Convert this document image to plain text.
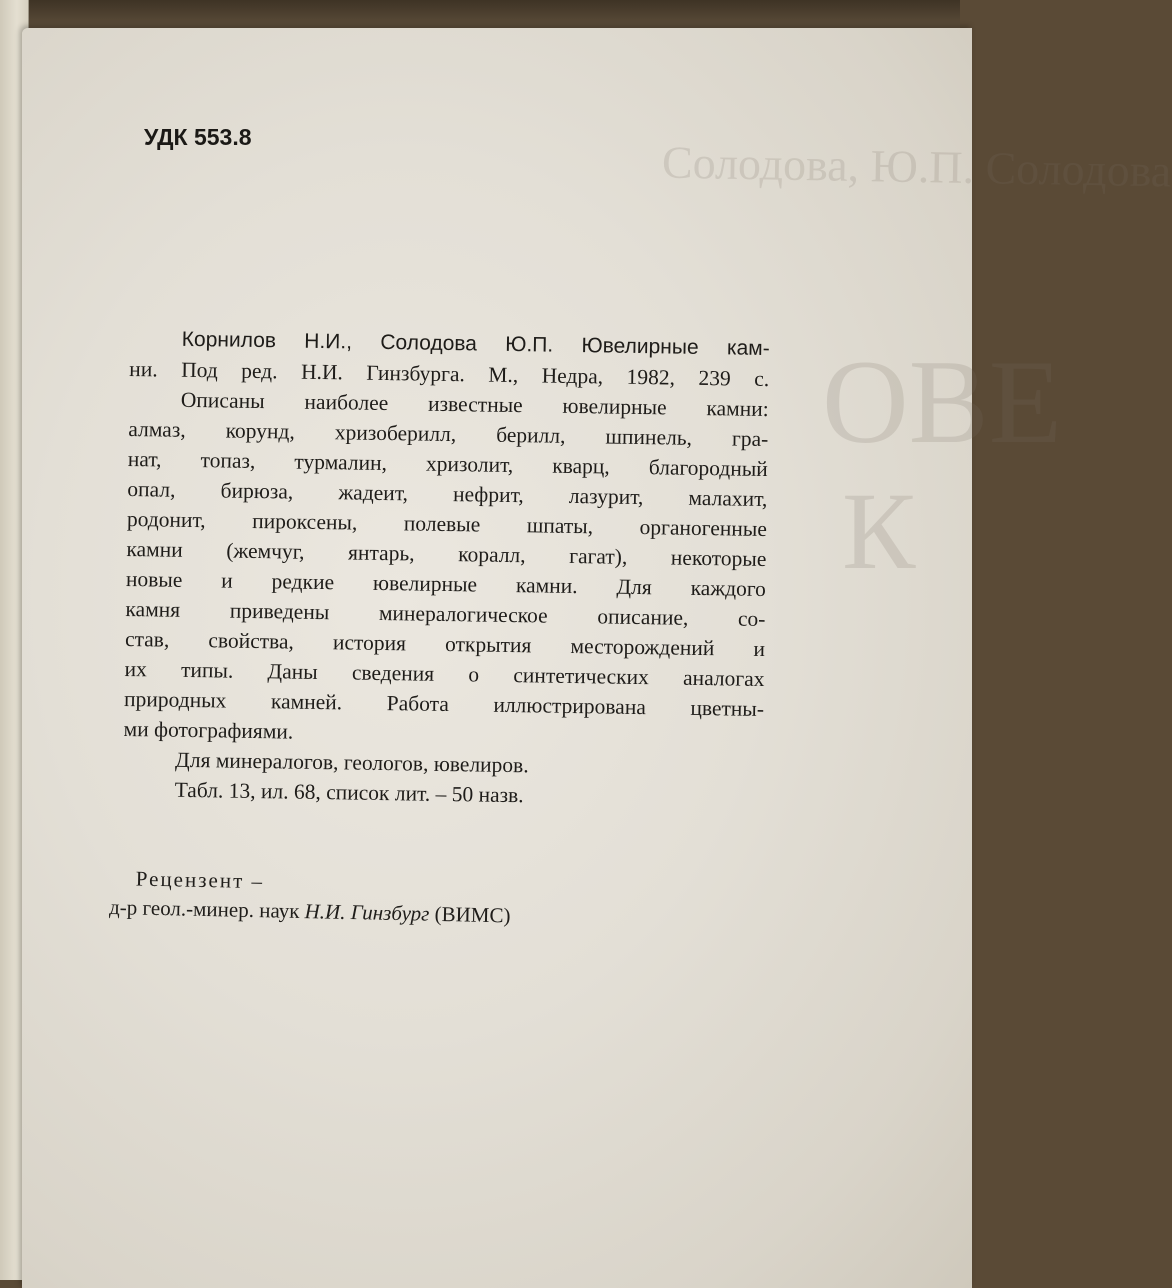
Солодова, Ю.П. Солодова
ОВЕ
К
УДК 553.8
Корнилов Н.И., Солодова Ю.П. Ювелирные кам-
ни. Под ред. Н.И. Гинзбурга. М., Недра, 1982, 239 с.
Описаны наиболее известные ювелирные камни:
алмаз, корунд, хризоберилл, берилл, шпинель, гра-
нат, топаз, турмалин, хризолит, кварц, благородный
опал, бирюза, жадеит, нефрит, лазурит, малахит,
родонит, пироксены, полевые шпаты, органогенные
камни (жемчуг, янтарь, коралл, гагат), некоторые
новые и редкие ювелирные камни. Для каждого
камня приведены минералогическое описание, со-
став, свойства, история открытия месторождений и
их типы. Даны сведения о синтетических аналогах
природных камней. Работа иллюстрирована цветны-
ми фотографиями.
Для минералогов, геологов, ювелиров.
Табл. 13, ил. 68, список лит. – 50 назв.
Рецензент –
д-р геол.-минер. наук Н.И. Гинзбург (ВИМС)
